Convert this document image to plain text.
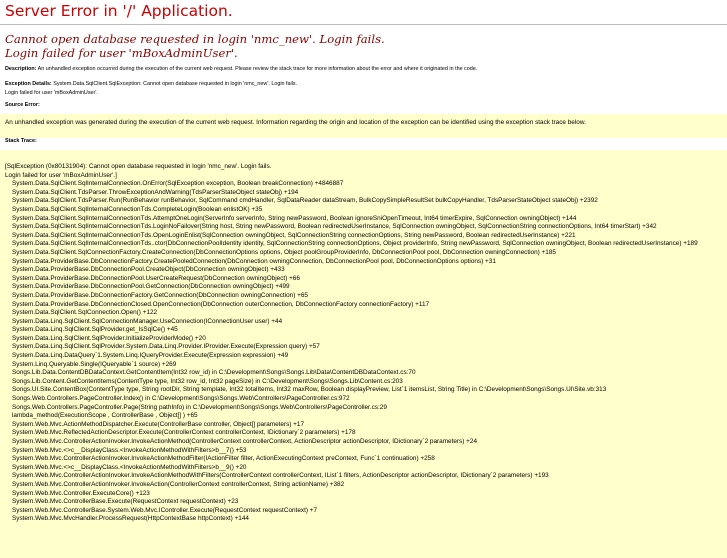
Server Error in '/' Application.
Cannot open database requested in login 'nmc_new'. Login fails.
Login failed for user 'mBoxAdminUser'.
Description: An unhandled exception occurred during the execution of the current web request. Please review the stack trace for more information about the error and where it originated in the code.
Exception Details: System.Data.SqlClient.SqlException: Cannot open database requested in login 'nmc_new'. Login fails.
Login failed for user 'mBoxAdminUser'.
Source Error:
An unhandled exception was generated during the execution of the current web request. Information regarding the origin and location of the exception can be identified using the exception stack trace below.
Stack Trace:
[SqlException (0x80131904): Cannot open database requested in login 'nmc_new'. Login fails.
Login failed for user 'mBoxAdminUser'.]
System.Data.SqlClient.SqlInternalConnection.OnError(SqlException exception, Boolean breakConnection) +4846887
System.Data.SqlClient.TdsParser.ThrowExceptionAndWarning(TdsParserStateObject stateObj) +194
System.Data.SqlClient.TdsParser.Run(RunBehavior runBehavior, SqlCommand cmdHandler, SqlDataReader dataStream, BulkCopySimpleResultSet bulkCopyHandler, TdsParserStateObject stateObj) +2392
System.Data.SqlClient.SqlInternalConnectionTds.CompleteLogin(Boolean enlistOK) +35
System.Data.SqlClient.SqlInternalConnectionTds.AttemptOneLogin(ServerInfo serverInfo, String newPassword, Boolean ignoreSniOpenTimeout, Int64 timerExpire, SqlConnection owningObject) +144
System.Data.SqlClient.SqlInternalConnectionTds.LoginNoFailover(String host, String newPassword, Boolean redirectedUserInstance, SqlConnection owningObject, SqlConnectionString connectionOptions, Int64 timerStart) +342
System.Data.SqlClient.SqlInternalConnectionTds.OpenLoginEnlist(SqlConnection owningObject, SqlConnectionString connectionOptions, String newPassword, Boolean redirectedUserInstance) +221
System.Data.SqlClient.SqlInternalConnectionTds..ctor(DbConnectionPoolIdentity identity, SqlConnectionString connectionOptions, Object providerInfo, String newPassword, SqlConnection owningObject, Boolean redirectedUserInstance) +189
System.Data.SqlClient.SqlConnectionFactory.CreateConnection(DbConnectionOptions options, Object poolGroupProviderInfo, DbConnectionPool pool, DbConnection owningConnection) +185
System.Data.ProviderBase.DbConnectionFactory.CreatePooledConnection(DbConnection owningConnection, DbConnectionPool pool, DbConnectionOptions options) +31
System.Data.ProviderBase.DbConnectionPool.CreateObject(DbConnection owningObject) +433
System.Data.ProviderBase.DbConnectionPool.UserCreateRequest(DbConnection owningObject) +66
System.Data.ProviderBase.DbConnectionPool.GetConnection(DbConnection owningObject) +499
System.Data.ProviderBase.DbConnectionFactory.GetConnection(DbConnection owningConnection) +65
System.Data.ProviderBase.DbConnectionClosed.OpenConnection(DbConnection outerConnection, DbConnectionFactory connectionFactory) +117
System.Data.SqlClient.SqlConnection.Open() +122
System.Data.Linq.SqlClient.SqlConnectionManager.UseConnection(IConnectionUser user) +44
System.Data.Linq.SqlClient.SqlProvider.get_IsSqlCe() +45
System.Data.Linq.SqlClient.SqlProvider.InitializeProviderMode() +20
System.Data.Linq.SqlClient.SqlProvider.System.Data.Linq.Provider.IProvider.Execute(Expression query) +57
System.Data.Linq.DataQuery`1.System.Linq.IQueryProvider.Execute(Expression expression) +49
System.Linq.Queryable.Single(IQueryable`1 source) +269
Songs.Lib.Data.ContentDBDataContext.GetContentItem(Int32 row_id) in C:\Development\Songs\Songs.Lib\Data\ContentDBDataContext.cs:70
Songs.Lib.Content.GetContentItems(ContentType type, Int32 row_id, Int32 pageSize) in C:\Development\Songs\Songs.Lib\Content.cs:203
Songs.UI.Site.ContentBox(ContentType type, String rootDir, String template, Int32 totalItems, Int32 maxRow, Boolean displayPreview, List`1 itemsList, String Title) in C:\Development\Songs\Songs.UI\Site.vb:313
Songs.Web.Controllers.PageController.Index() in C:\Development\Songs\Songs.Web\Controllers\PageController.cs:972
Songs.Web.Controllers.PageController.Page(String pathInfo) in C:\Development\Songs\Songs.Web\Controllers\PageController.cs:29
lambda_method(ExecutionScope , ControllerBase , Object[] ) +65
System.Web.Mvc.ActionMethodDispatcher.Execute(ControllerBase controller, Object[] parameters) +17
System.Web.Mvc.ReflectedActionDescriptor.Execute(ControllerContext controllerContext, IDictionary`2 parameters) +178
System.Web.Mvc.ControllerActionInvoker.InvokeActionMethod(ControllerContext controllerContext, ActionDescriptor actionDescriptor, IDictionary`2 parameters) +24
System.Web.Mvc.<>c__DisplayClass.<InvokeActionMethodWithFilters>b__7() +53
System.Web.Mvc.ControllerActionInvoker.InvokeActionMethodFilter(IActionFilter filter, ActionExecutingContext preContext, Func`1 continuation) +258
System.Web.Mvc.<>c__DisplayClass.<InvokeActionMethodWithFilters>b__9() +20
System.Web.Mvc.ControllerActionInvoker.InvokeActionMethodWithFilters(ControllerContext controllerContext, IList`1 filters, ActionDescriptor actionDescriptor, IDictionary`2 parameters) +193
System.Web.Mvc.ControllerActionInvoker.InvokeAction(ControllerContext controllerContext, String actionName) +382
System.Web.Mvc.Controller.ExecuteCore() +123
System.Web.Mvc.ControllerBase.Execute(RequestContext requestContext) +23
System.Web.Mvc.ControllerBase.System.Web.Mvc.IController.Execute(RequestContext requestContext) +7
System.Web.Mvc.MvcHandler.ProcessRequest(HttpContextBase httpContext) +144
